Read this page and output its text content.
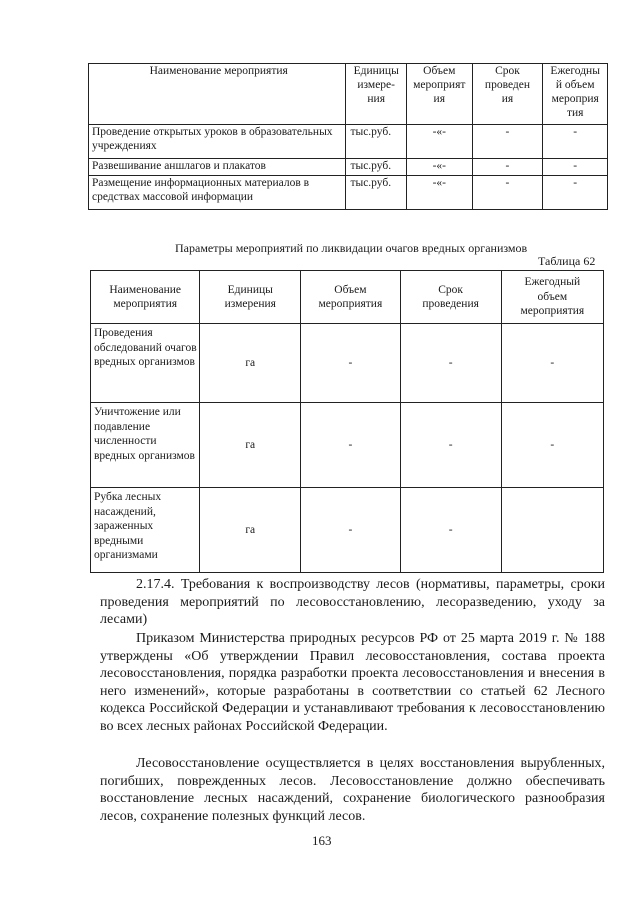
Наименование мероприятия	Единицы
измере-
ния	Объем
мероприят
ия	Срок
проведен
ия	Ежегодны
й объем
мероприя
тия
Проведение открытых уроков в образовательных учреждениях	тыс.руб.	-«-	-	-
Развешивание аншлагов и плакатов	тыс.руб.	-«-	-	-
Размещение информационных материалов в средствах массовой информации	тыс.руб.	-«-	-	-
Параметры мероприятий по ликвидации очагов вредных организмов
Таблица 62
Наименование
мероприятия	Единицы
измерения	Объем
мероприятия	Срок
проведения	Ежегодный
объем
мероприятия
Проведения обследований очагов вредных организмов	га	-	-	-
Уничтожение или подавление численности вредных организмов	га	-	-	-
Рубка лесных насаждений, зараженных вредными организмами	га	-	-	

2.17.4. Требования к воспроизводству лесов (нормативы, параметры, сроки проведения мероприятий по лесовосстановлению, лесоразведению, уходу за лесами)

Приказом Министерства природных ресурсов РФ от 25 марта 2019 г. № 188 утверждены «Об утверждении Правил лесовосстановления, состава проекта лесовосстановления, порядка разработки проекта лесовосстановления и внесения в него изменений», которые разработаны в соответствии со статьей 62 Лесного кодекса Российской Федерации и устанавливают требования к лесовосстановлению во всех лесных районах Российской Федерации.

Лесовосстановление осуществляется в целях восстановления вырубленных, погибших, поврежденных лесов. Лесовосстановление должно обеспечивать восстановление лесных насаждений, сохранение биологического разнообразия лесов, сохранение полезных функций лесов.

163
